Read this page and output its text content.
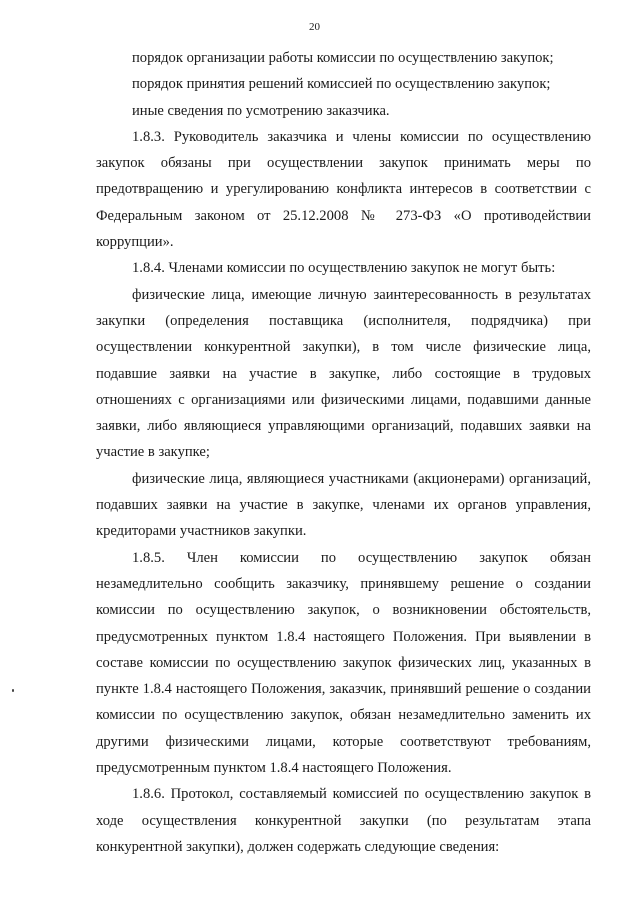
20

порядок организации работы комиссии по осуществлению закупок;

порядок принятия решений комиссией по осуществлению закупок;

иные сведения по усмотрению заказчика.

1.8.3. Руководитель заказчика и члены комиссии по осуществлению закупок обязаны при осуществлении закупок принимать меры по предотвращению и урегулированию конфликта интересов в соответствии с Федеральным законом от 25.12.2008 № 273-ФЗ «О противодействии коррупции».

1.8.4. Членами комиссии по осуществлению закупок не могут быть:

физические лица, имеющие личную заинтересованность в результатах закупки (определения поставщика (исполнителя, подрядчика) при осуществлении конкурентной закупки), в том числе физические лица, подавшие заявки на участие в закупке, либо состоящие в трудовых отношениях с организациями или физическими лицами, подавшими данные заявки, либо являющиеся управляющими организаций, подавших заявки на участие в закупке;

физические лица, являющиеся участниками (акционерами) организаций, подавших заявки на участие в закупке, членами их органов управления, кредиторами участников закупки.

1.8.5. Член комиссии по осуществлению закупок обязан незамедлительно сообщить заказчику, принявшему решение о создании комиссии по осуществлению закупок, о возникновении обстоятельств, предусмотренных пунктом 1.8.4 настоящего Положения. При выявлении в составе комиссии по осуществлению закупок физических лиц, указанных в пункте 1.8.4 настоящего Положения, заказчик, принявший решение о создании комиссии по осуществлению закупок, обязан незамедлительно заменить их другими физическими лицами, которые соответствуют требованиям, предусмотренным пунктом 1.8.4 настоящего Положения.

1.8.6. Протокол, составляемый комиссией по осуществлению закупок в ходе осуществления конкурентной закупки (по результатам этапа конкурентной закупки), должен содержать следующие сведения:
